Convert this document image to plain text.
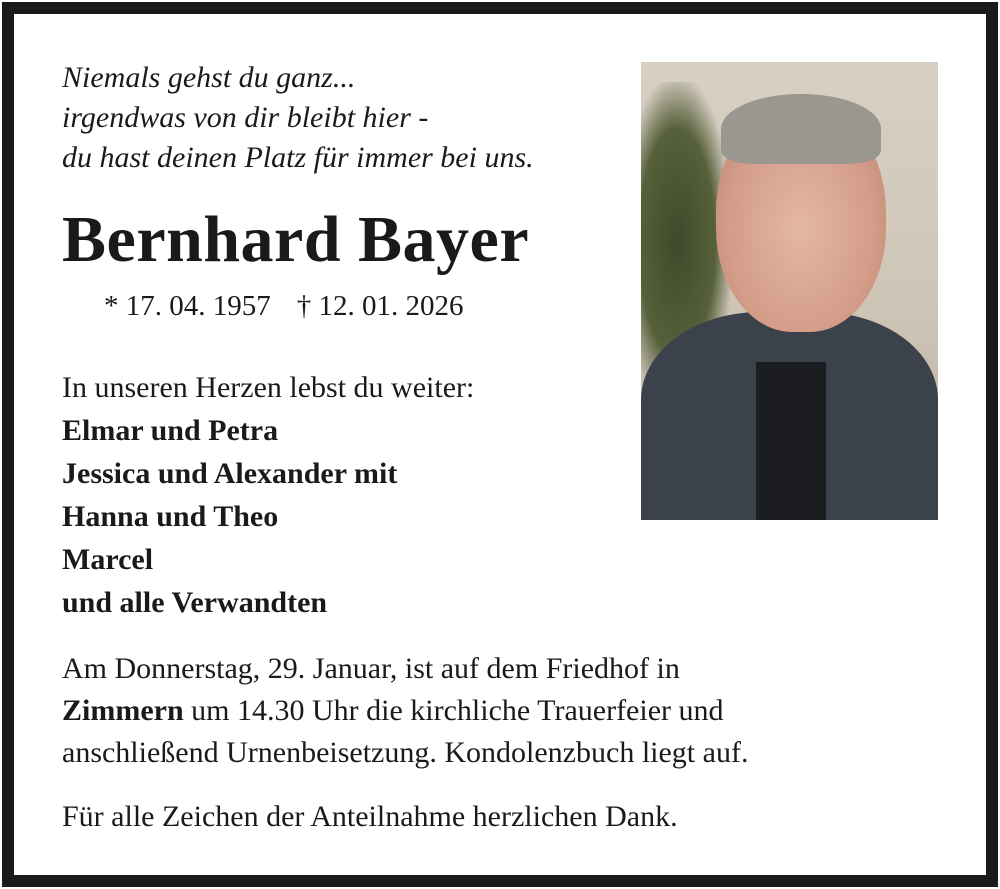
Niemals gehst du ganz...
irgendwas von dir bleibt hier -
du hast deinen Platz für immer bei uns.
Bernhard Bayer
* 17. 04. 1957 † 12. 01. 2026
In unseren Herzen lebst du weiter:
Elmar und Petra
Jessica und Alexander mit
Hanna und Theo
Marcel
und alle Verwandten
Am Donnerstag, 29. Januar, ist auf dem Friedhof in
Zimmern um 14.30 Uhr die kirchliche Trauerfeier und
anschließend Urnenbeisetzung. Kondolenzbuch liegt auf.
Für alle Zeichen der Anteilnahme herzlichen Dank.
